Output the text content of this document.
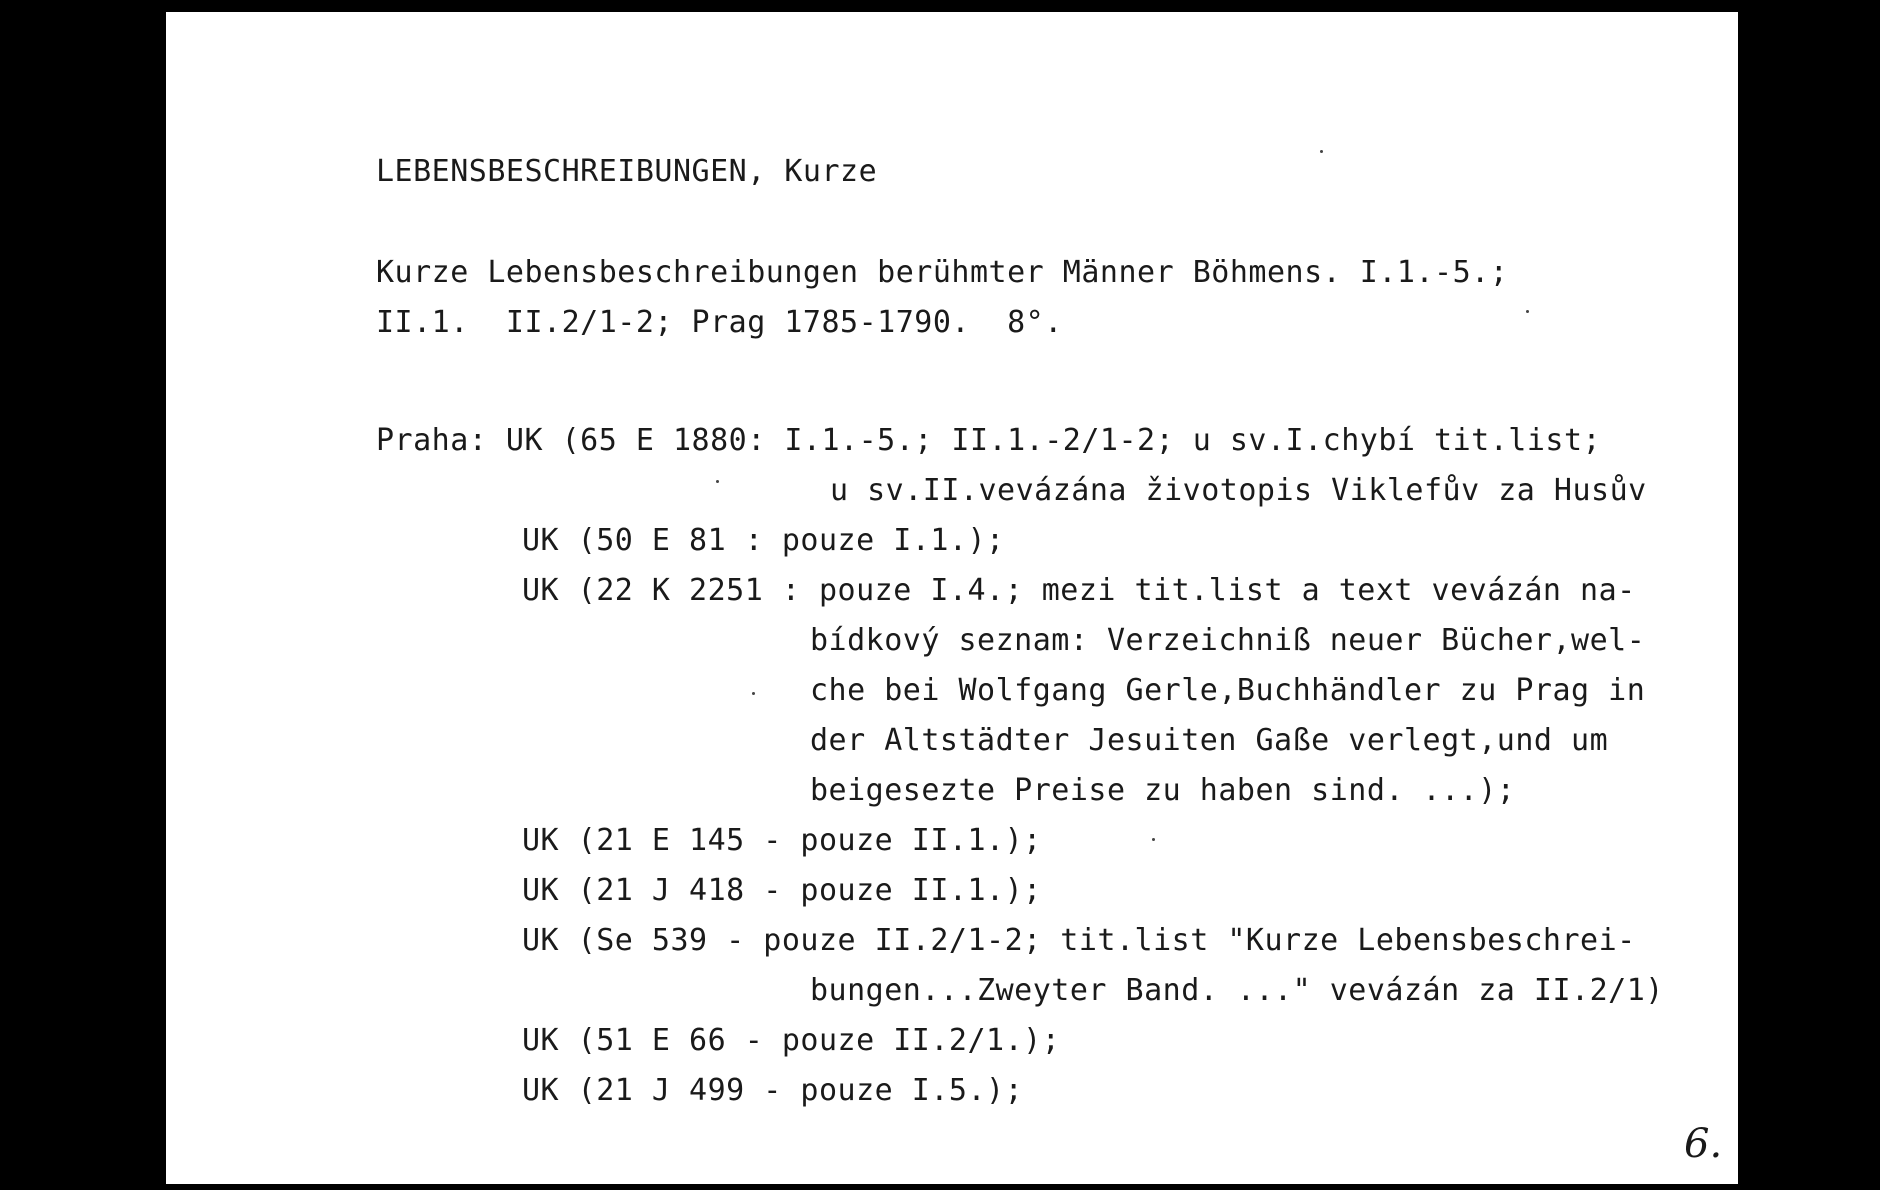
LEBENSBESCHREIBUNGEN, Kurze
Kurze Lebensbeschreibungen berühmter Männer Böhmens. I.1.-5.;
II.1.  II.2/1-2; Prag 1785-1790.  8°.
Praha: UK (65 E 1880: I.1.-5.; II.1.-2/1-2; u sv.I.chybí tit.list;
u sv.II.vevázána životopis Viklefův za Husův
UK (50 E 81 : pouze I.1.);
UK (22 K 2251 : pouze I.4.; mezi tit.list a text vevázán na-
bídkový seznam: Verzeichniß neuer Bücher,wel-
che bei Wolfgang Gerle,Buchhändler zu Prag in
der Altstädter Jesuiten Gaße verlegt,und um
beigesezte Preise zu haben sind. ...);
UK (21 E 145 - pouze II.1.);
UK (21 J 418 - pouze II.1.);
UK (Se 539 - pouze II.2/1-2; tit.list "Kurze Lebensbeschrei-
bungen...Zweyter Band. ..." vevázán za II.2/1)
UK (51 E 66 - pouze II.2/1.);
UK (21 J 499 - pouze I.5.);
6.
